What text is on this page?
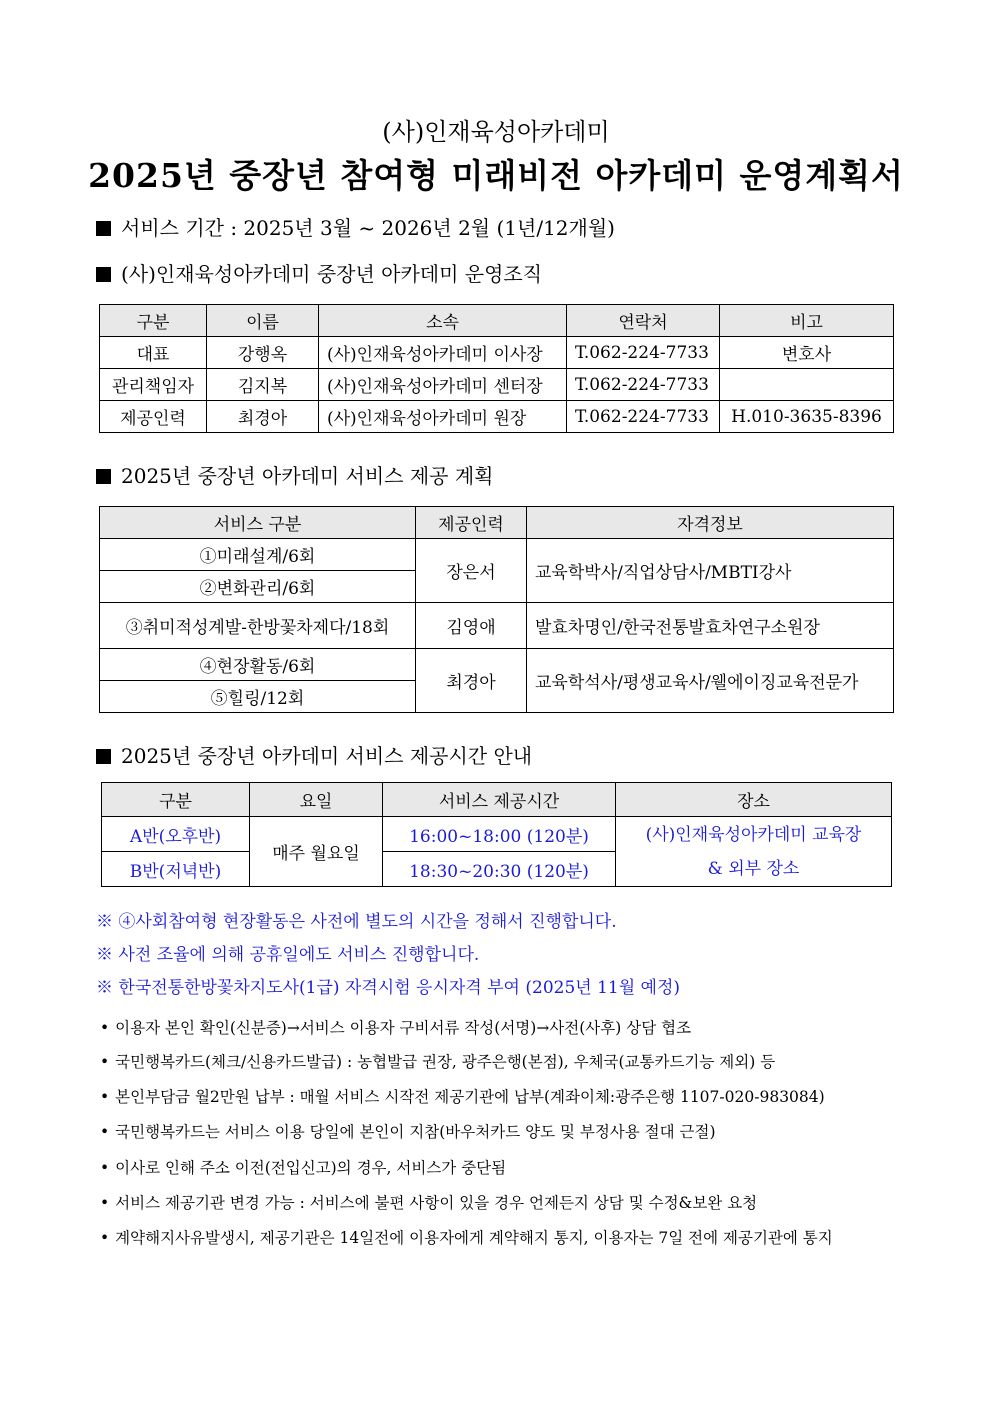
(사)인재육성아카데미
2025년 중장년 참여형 미래비전 아카데미 운영계획서
서비스 기간 : 2025년 3월 ~ 2026년 2월 (1년/12개월)
(사)인재육성아카데미 중장년 아카데미 운영조직
구분	이름	소속	연락처	비고
대표	강행옥	(사)인재육성아카데미 이사장	T.062-224-7733	변호사
관리책임자	김지복	(사)인재육성아카데미 센터장	T.062-224-7733	
제공인력	최경아	(사)인재육성아카데미 원장	T.062-224-7733	H.010-3635-8396
2025년 중장년 아카데미 서비스 제공 계획
서비스 구분	제공인력	자격정보
①미래설계/6회	장은서	교육학박사/직업상담사/MBTI강사
②변화관리/6회		
③취미적성계발-한방꽃차제다/18회	김영애	발효차명인/한국전통발효차연구소원장
④현장활동/6회	최경아	교육학석사/평생교육사/웰에이징교육전문가
⑤힐링/12회		
2025년 중장년 아카데미 서비스 제공시간 안내
구분	요일	서비스 제공시간	장소
A반(오후반)	매주 월요일	16:00~18:00 (120분)	(사)인재육성아카데미 교육장
& 외부 장소

B반(저녁반)		18:30~20:30 (120분)	
※ ④사회참여형 현장활동은 사전에 별도의 시간을 정해서 진행합니다.
※ 사전 조율에 의해 공휴일에도 서비스 진행합니다.
※ 한국전통한방꽃차지도사(1급) 자격시험 응시자격 부여 (2025년 11월 예정)
• 이용자 본인 확인(신분증)→서비스 이용자 구비서류 작성(서명)→사전(사후) 상담 협조
• 국민행복카드(체크/신용카드발급) : 농협발급 권장, 광주은행(본점), 우체국(교통카드기능 제외) 등
• 본인부담금 월2만원 납부 : 매월 서비스 시작전 제공기관에 납부(계좌이체:광주은행 1107-020-983084)
• 국민행복카드는 서비스 이용 당일에 본인이 지참(바우처카드 양도 및 부정사용 절대 근절)
• 이사로 인해 주소 이전(전입신고)의 경우, 서비스가 중단됨
• 서비스 제공기관 변경 가능 : 서비스에 불편 사항이 있을 경우 언제든지 상담 및 수정&보완 요청
• 계약해지사유발생시, 제공기관은 14일전에 이용자에게 계약해지 통지, 이용자는 7일 전에 제공기관에 통지
